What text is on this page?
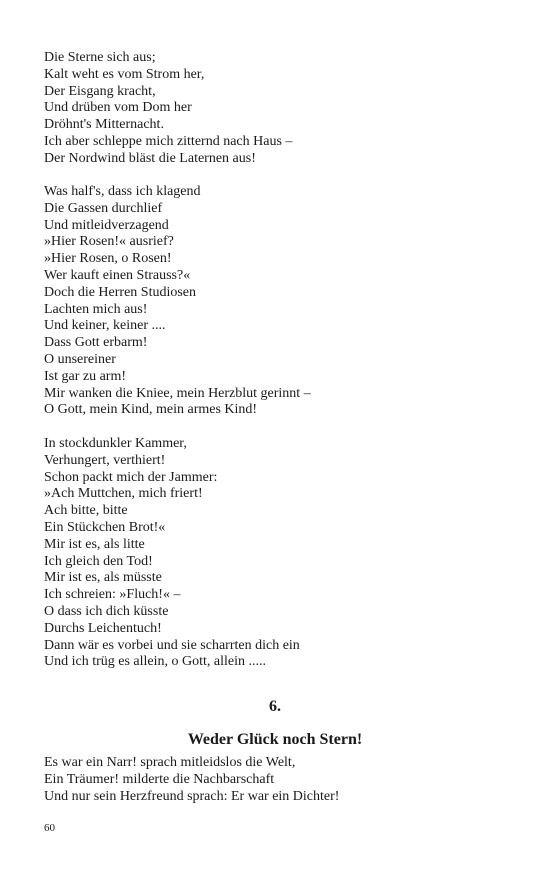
Die Sterne sich aus;
Kalt weht es vom Strom her,
Der Eisgang kracht,
Und drüben vom Dom her
Dröhnt's Mitternacht.
Ich aber schleppe mich zitternd nach Haus –
Der Nordwind bläst die Laternen aus!
Was half's, dass ich klagend
Die Gassen durchlief
Und mitleidverzagend
»Hier Rosen!« ausrief?
»Hier Rosen, o Rosen!
Wer kauft einen Strauss?«
Doch die Herren Studiosen
Lachten mich aus!
Und keiner, keiner ....
Dass Gott erbarm!
O unsereiner
Ist gar zu arm!
Mir wanken die Kniee, mein Herzblut gerinnt –
O Gott, mein Kind, mein armes Kind!
In stockdunkler Kammer,
Verhungert, verthiert!
Schon packt mich der Jammer:
»Ach Muttchen, mich friert!
Ach bitte, bitte
Ein Stückchen Brot!«
Mir ist es, als litte
Ich gleich den Tod!
Mir ist es, als müsste
Ich schreien: »Fluch!« –
O dass ich dich küsste
Durchs Leichentuch!
Dann wär es vorbei und sie scharrten dich ein
Und ich trüg es allein, o Gott, allein .....
6.
Weder Glück noch Stern!
Es war ein Narr! sprach mitleidslos die Welt,
Ein Träumer! milderte die Nachbarschaft
Und nur sein Herzfreund sprach: Er war ein Dichter!
60
